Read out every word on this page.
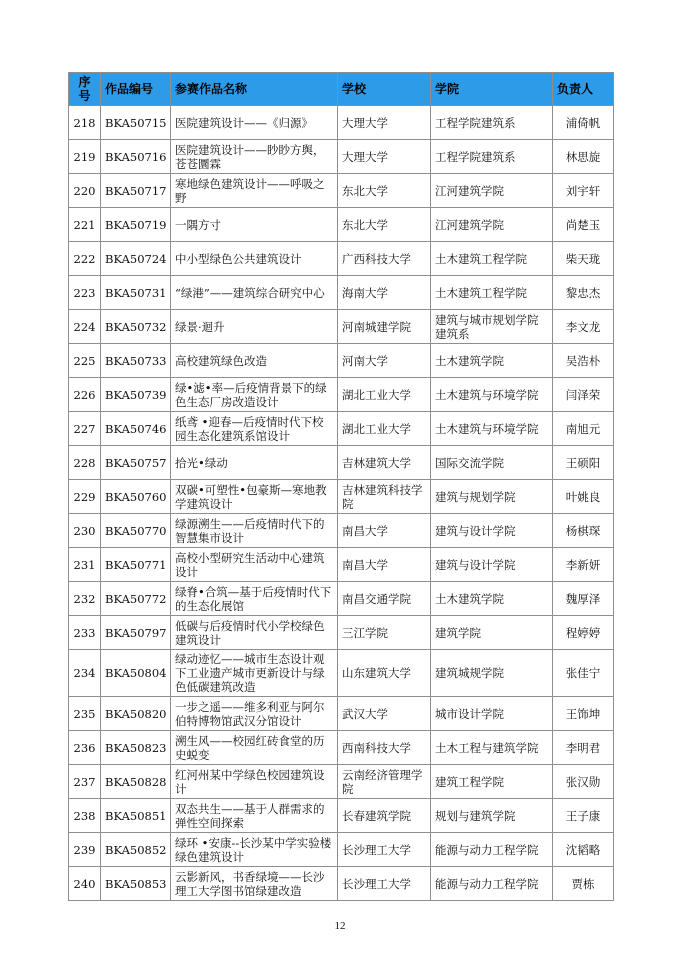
序号	作品编号	参赛作品名称	学校	学院	负责人
218	BKA50715	医院建筑设计——《归源》	大理大学	工程学院建筑系	浦倚帆
219	BKA50716	医院建筑设计——眇眇方舆，苍苍圜霖	大理大学	工程学院建筑系	林思旋
220	BKA50717	寒地绿色建筑设计——呼吸之野	东北大学	江河建筑学院	刘宇轩
221	BKA50719	一隅方寸	东北大学	江河建筑学院	尚楚玉
222	BKA50724	中小型绿色公共建筑设计	广西科技大学	土木建筑工程学院	柴天珑
223	BKA50731	“绿港”——建筑综合研究中心	海南大学	土木建筑工程学院	黎忠杰
224	BKA50732	绿景·迴升	河南城建学院	建筑与城市规划学院建筑系	李文龙
225	BKA50733	高校建筑绿色改造	河南大学	土木建筑学院	吴浩朴
226	BKA50739	绿•滤•率—后疫情背景下的绿色生态厂房改造设计	湖北工业大学	土木建筑与环境学院	闫泽荣
227	BKA50746	纸鸢 •迎春—后疫情时代下校园生态化建筑系馆设计	湖北工业大学	土木建筑与环境学院	南旭元
228	BKA50757	拾光•绿动	吉林建筑大学	国际交流学院	王硕阳
229	BKA50760	双碳•可塑性•包豪斯—寒地教学建筑设计	吉林建筑科技学院	建筑与规划学院	叶姚良
230	BKA50770	绿源溯生——后疫情时代下的智慧集市设计	南昌大学	建筑与设计学院	杨棋琛
231	BKA50771	高校小型研究生活动中心建筑设计	南昌大学	建筑与设计学院	李新妍
232	BKA50772	绿脊•合筑—基于后疫情时代下的生态化展馆	南昌交通学院	土木建筑学院	魏厚泽
233	BKA50797	低碳与后疫情时代小学校绿色建筑设计	三江学院	建筑学院	程婷婷
234	BKA50804	绿动迹忆——城市生态设计观下工业遗产城市更新设计与绿色低碳建筑改造	山东建筑大学	建筑城规学院	张佳宁
235	BKA50820	一步之遥——维多利亚与阿尔伯特博物馆武汉分馆设计	武汉大学	城市设计学院	王饰坤
236	BKA50823	溯生风——校园红砖食堂的历史蜕变	西南科技大学	土木工程与建筑学院	李明君
237	BKA50828	红河州某中学绿色校园建筑设计	云南经济管理学院	建筑工程学院	张汉勋
238	BKA50851	双态共生——基于人群需求的弹性空间探索	长春建筑学院	规划与建筑学院	王子康
239	BKA50852	绿环 •安康--长沙某中学实验楼绿色建筑设计	长沙理工大学	能源与动力工程学院	沈韬略
240	BKA50853	云影新风，书香绿境——长沙理工大学图书馆绿建改造	长沙理工大学	能源与动力工程学院	贾栋
12
